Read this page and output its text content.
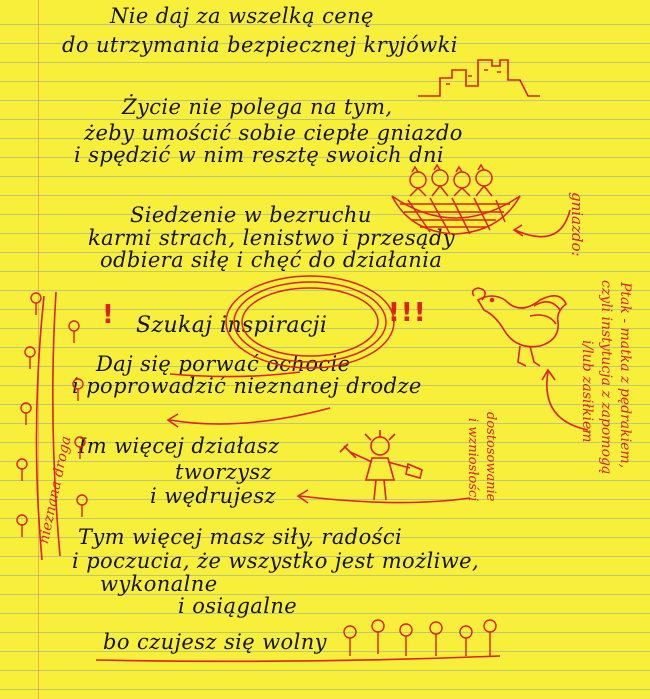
Nie daj za wszelką cenę
do utrzymania bezpiecznej kryjówki
Życie nie polega na tym,
żeby umościć sobie ciepłe gniazdo
i spędzić w nim resztę swoich dni
Siedzenie w bezruchu
karmi strach, lenistwo i przesądy
odbiera siłę i chęć do działania
Szukaj inspiracji
Daj się porwać ochocie
i poprowadzić nieznanej drodze
Im więcej działasz
tworzysz
i wędrujesz
Tym więcej masz siły, radości
i poczucia, że wszystko jest możliwe,
wykonalne
i osiągalne
bo czujesz się wolny
!	!!!
gniazdo:
Ptak - matka z pędrakiem,
czyli instytucja z zapomogą
i/lub zasiłkiem
dostosowanie
i wzniosłości
nieznana droga
